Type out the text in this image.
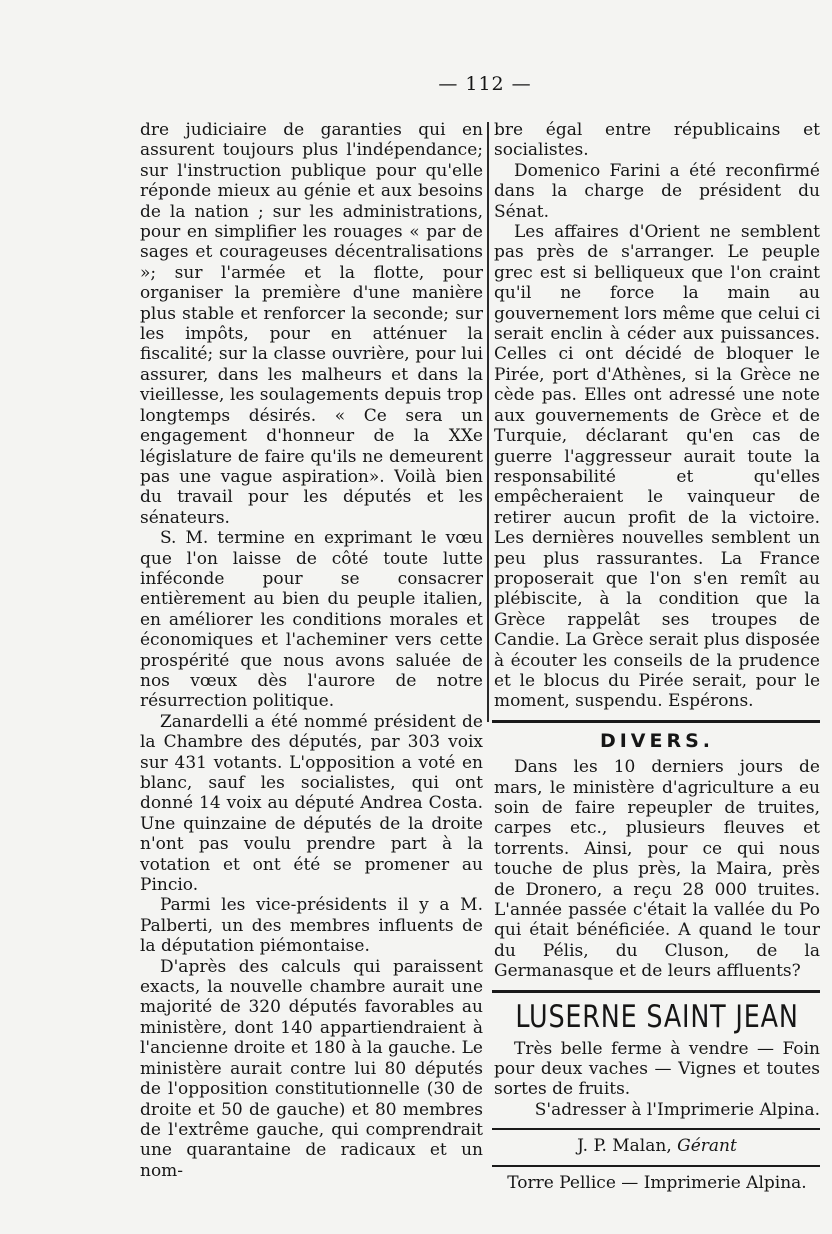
— 112 —

dre judiciaire de garanties qui en assurent toujours plus l'indépendance; sur l'instruction publique pour qu'elle réponde mieux au génie et aux besoins de la nation ; sur les administrations, pour en simplifier les rouages « par de sages et courageuses décentralisations »; sur l'armée et la flotte, pour organiser la première d'une manière plus stable et renforcer la seconde; sur les impôts, pour en atténuer la fiscalité; sur la classe ouvrière, pour lui assurer, dans les malheurs et dans la vieillesse, les soulagements depuis trop longtemps désirés. « Ce sera un engagement d'honneur de la XXe législature de faire qu'ils ne demeurent pas une vague aspiration». Voilà bien du travail pour les députés et les sénateurs.

S. M. termine en exprimant le vœu que l'on laisse de côté toute lutte inféconde pour se consacrer entièrement au bien du peuple italien, en améliorer les conditions morales et économiques et l'acheminer vers cette prospérité que nous avons saluée de nos vœux dès l'aurore de notre résurrection politique.

Zanardelli a été nommé président de la Chambre des députés, par 303 voix sur 431 votants. L'opposition a voté en blanc, sauf les socialistes, qui ont donné 14 voix au député Andrea Costa. Une quinzaine de députés de la droite n'ont pas voulu prendre part à la votation et ont été se promener au Pincio.

Parmi les vice-présidents il y a M. Palberti, un des membres influents de la députation piémontaise.

D'après des calculs qui paraissent exacts, la nouvelle chambre aurait une majorité de 320 députés favorables au ministère, dont 140 appartiendraient à l'ancienne droite et 180 à la gauche. Le ministère aurait contre lui 80 députés de l'opposition constitutionnelle (30 de droite et 50 de gauche) et 80 membres de l'extrême gauche, qui comprendrait une quarantaine de radicaux et un nom-

bre égal entre républicains et socialistes.

Domenico Farini a été reconfirmé dans la charge de président du Sénat.

Les affaires d'Orient ne semblent pas près de s'arranger. Le peuple grec est si belliqueux que l'on craint qu'il ne force la main au gouvernement lors même que celui ci serait enclin à céder aux puissances. Celles ci ont décidé de bloquer le Pirée, port d'Athènes, si la Grèce ne cède pas. Elles ont adressé une note aux gouvernements de Grèce et de Turquie, déclarant qu'en cas de guerre l'aggresseur aurait toute la responsabilité et qu'elles empêcheraient le vainqueur de retirer aucun profit de la victoire. Les dernières nouvelles semblent un peu plus rassurantes. La France proposerait que l'on s'en remît au plébiscite, à la condition que la Grèce rappelât ses troupes de Candie. La Grèce serait plus disposée à écouter les conseils de la prudence et le blocus du Pirée serait, pour le moment, suspendu. Espérons.

DIVERS.

Dans les 10 derniers jours de mars, le ministère d'agriculture a eu soin de faire repeupler de truites, carpes etc., plusieurs fleuves et torrents. Ainsi, pour ce qui nous touche de plus près, la Maira, près de Dronero, a reçu 28 000 truites. L'année passée c'était la vallée du Po qui était bénéficiée. A quand le tour du Pélis, du Cluson, de la Germanasque et de leurs affluents?

LUSERNE SAINT JEAN

Très belle ferme à vendre — Foin pour deux vaches — Vignes et toutes sortes de fruits.

S'adresser à l'Imprimerie Alpina.

J. P. Malan, Gérant
Torre Pellice — Imprimerie Alpina.
